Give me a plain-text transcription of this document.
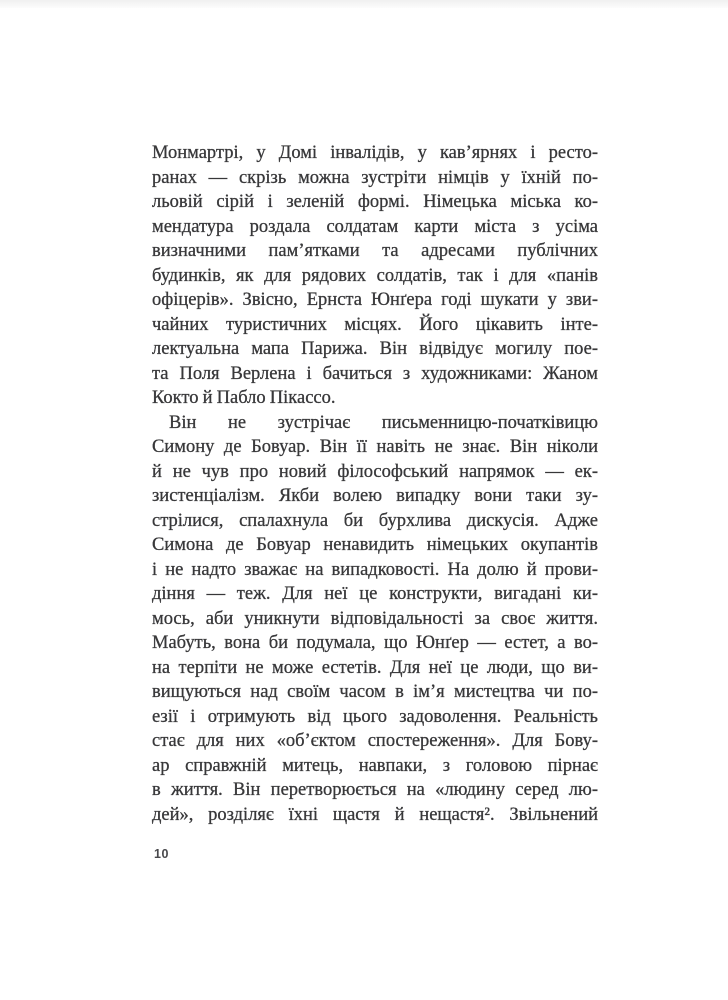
Монмартрі, у Домі інвалідів, у кав’ярнях і ресто-
ранах — скрізь можна зустріти німців у їхній по-
льовій сірій і зеленій формі. Німецька міська ко-
мендатура роздала солдатам карти міста з усіма
визначними пам’ятками та адресами публічних
будинків, як для рядових солдатів, так і для «панів
офіцерів». Звісно, Ернста Юнґера годі шукати у зви-
чайних туристичних місцях. Його цікавить інте-
лектуальна мапа Парижа. Він відвідує могилу пое-
та Поля Верлена і бачиться з художниками: Жаном
Кокто й Пабло Пікассо.

Він не зустрічає письменницю-початківицю
Симону де Бовуар. Він її навіть не знає. Він ніколи
й не чув про новий філософський напрямок — ек-
зистенціалізм. Якби волею випадку вони таки зу-
стрілися, спалахнула би бурхлива дискусія. Адже
Симона де Бовуар ненавидить німецьких окупантів
і не надто зважає на випадковості. На долю й прови-
діння — теж. Для неї це конструкти, вигадані ки-
мось, аби уникнути відповідальності за своє життя.
Мабуть, вона би подумала, що Юнґер — естет, а во-
на терпіти не може естетів. Для неї це люди, що ви-
вищуються над своїм часом в ім’я мистецтва чи по-
езії і отримують від цього задоволення. Реальність
стає для них «об’єктом спостереження». Для Бову-
ар справжній митець, навпаки, з головою пірнає
в життя. Він перетворюється на «людину серед лю-
дей», розділяє їхні щастя й нещастя². Звільнений

10
